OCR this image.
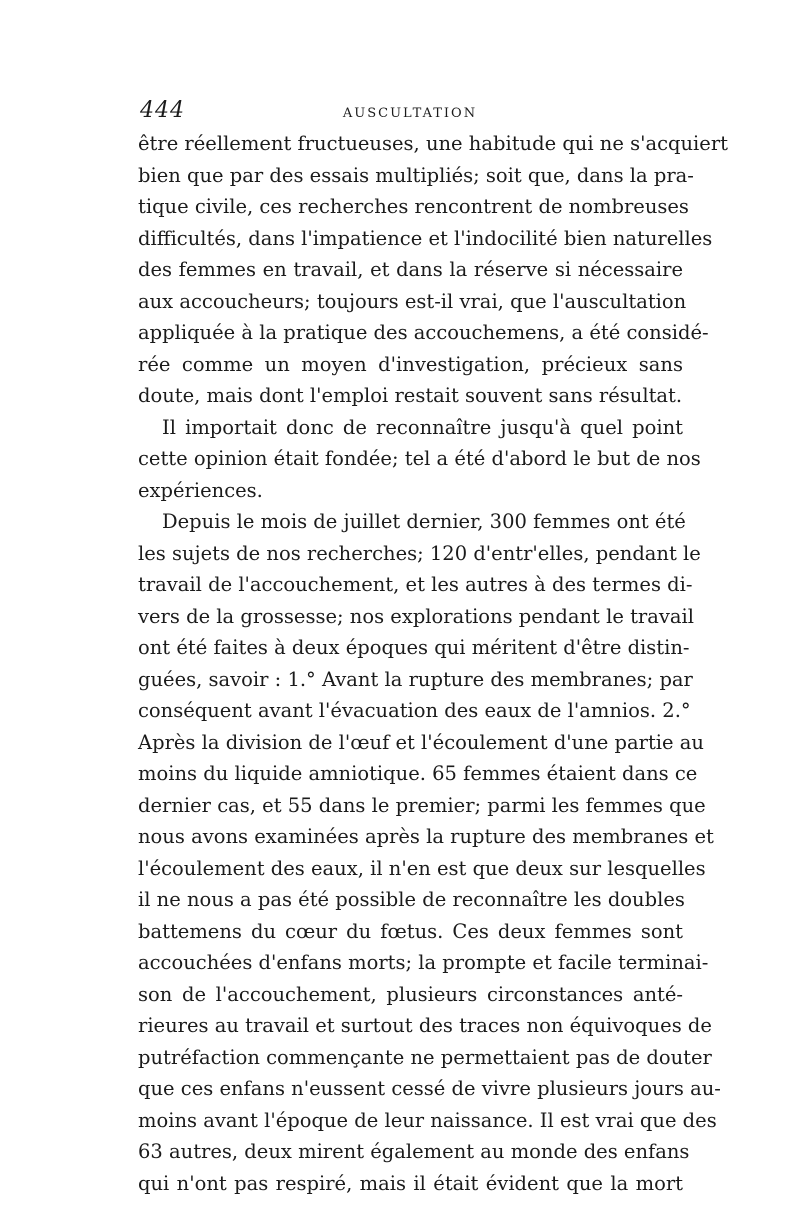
444	AUSCULTATION
être réellement fructueuses, une habitude qui ne s'acquiert
bien que par des essais multipliés; soit que, dans la pra-
tique civile, ces recherches rencontrent de nombreuses
difficultés, dans l'impatience et l'indocilité bien naturelles
des femmes en travail, et dans la réserve si nécessaire
aux accoucheurs; toujours est-il vrai, que l'auscultation
appliquée à la pratique des accouchemens, a été considé-
rée comme un moyen d'investigation, précieux sans
doute, mais dont l'emploi restait souvent sans résultat.
Il importait donc de reconnaître jusqu'à quel point
cette opinion était fondée; tel a été d'abord le but de nos
expériences.
Depuis le mois de juillet dernier, 300 femmes ont été
les sujets de nos recherches; 120 d'entr'elles, pendant le
travail de l'accouchement, et les autres à des termes di-
vers de la grossesse; nos explorations pendant le travail
ont été faites à deux époques qui méritent d'être distin-
guées, savoir : 1.° Avant la rupture des membranes; par
conséquent avant l'évacuation des eaux de l'amnios. 2.°
Après la division de l'œuf et l'écoulement d'une partie au
moins du liquide amniotique. 65 femmes étaient dans ce
dernier cas, et 55 dans le premier; parmi les femmes que
nous avons examinées après la rupture des membranes et
l'écoulement des eaux, il n'en est que deux sur lesquelles
il ne nous a pas été possible de reconnaître les doubles
battemens du cœur du fœtus. Ces deux femmes sont
accouchées d'enfans morts; la prompte et facile terminai-
son de l'accouchement, plusieurs circonstances anté-
rieures au travail et surtout des traces non équivoques de
putréfaction commençante ne permettaient pas de douter
que ces enfans n'eussent cessé de vivre plusieurs jours au-
moins avant l'époque de leur naissance. Il est vrai que des
63 autres, deux mirent également au monde des enfans
qui n'ont pas respiré, mais il était évident que la mort
